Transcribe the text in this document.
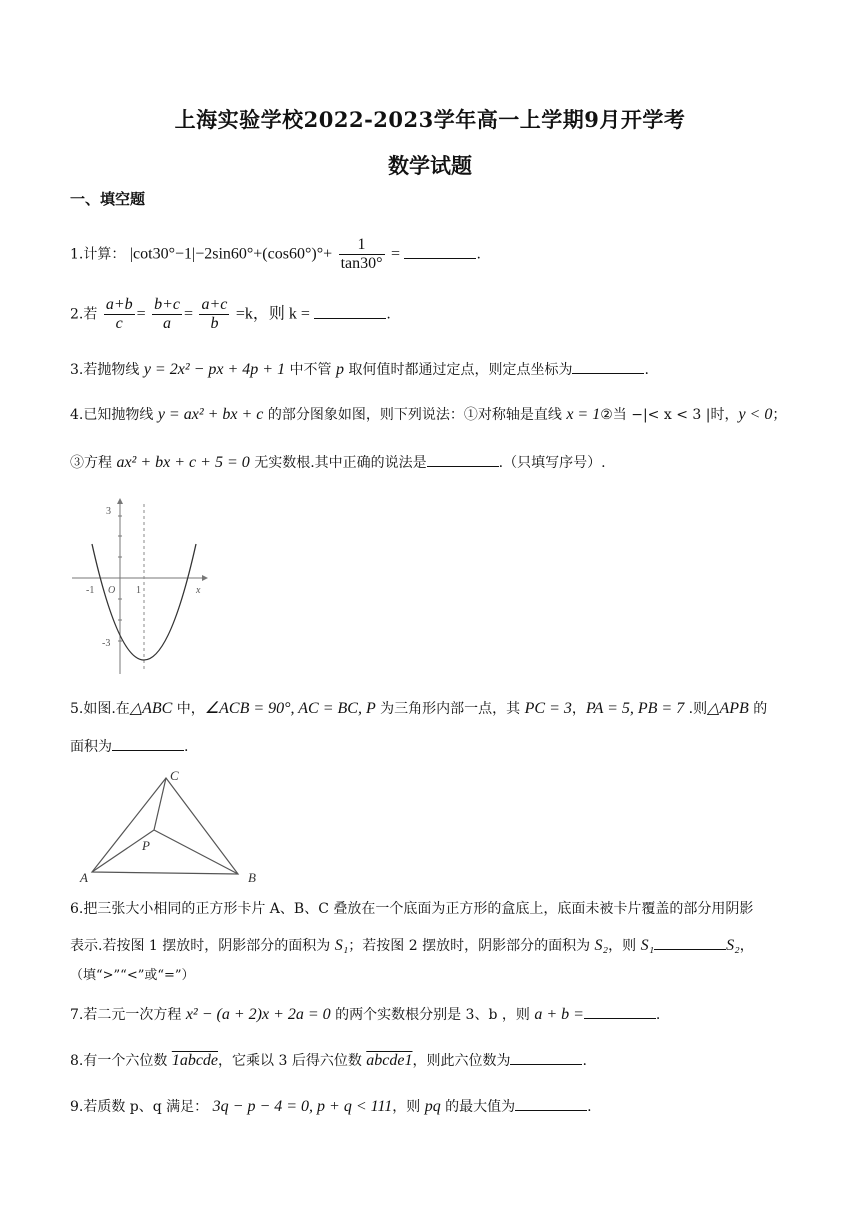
上海实验学校2022-2023学年高一上学期9月开学考
数学试题
一、填空题
1.计算： $|\cot 30^\circ-1|-2\sin 60^\circ+(\cos 60^\circ)^\circ+ \frac{1}{\tan 30^\circ}$ =	.
2.若 $\frac{a+b}{c} = \frac{b+c}{a} = \frac{a+c}{b} =k$，则 k =	.
3.若抛物线 y = 2x² − px + 4p + 1 中不管 p 取何值时都通过定点，则定点坐标为	.
4.已知抛物线 y = ax² + bx + c 的部分图象如图，则下列说法：①对称轴是直线 x = 1②当 −|< x < 3 |时，y < 0；
③方程 ax² + bx + c + 5 = 0 无实数根.其中正确的说法是	.（只填写序号）.
-1 O 1	x
3
-3
5.如图.在△ABC 中，∠ACB = 90°, AC = BC, P 为三角形内部一点，其 PC = 3，PA = 5, PB = 7 .则△APB 的
面积为	.
A	B
C
P
6.把三张大小相同的正方形卡片 A、B、C 叠放在一个底面为正方形的盒底上，底面未被卡片覆盖的部分用阴影
表示.若按图 1 摆放时，阴影部分的面积为 S₁；若按图 2 摆放时，阴影部分的面积为 S₂，则 S₁	S₂，
（填“>”“<”或“=”）
7.若二元一次方程 x² − (a + 2)x + 2a = 0 的两个实数根分别是 3、b ，则 a + b =	.
8.有一个六位数 1abcde，它乘以 3 后得六位数 abcde1，则此六位数为	.
9.若质数 p、q 满足： 3q − p − 4 = 0, p + q < 111，则 pq 的最大值为	.
